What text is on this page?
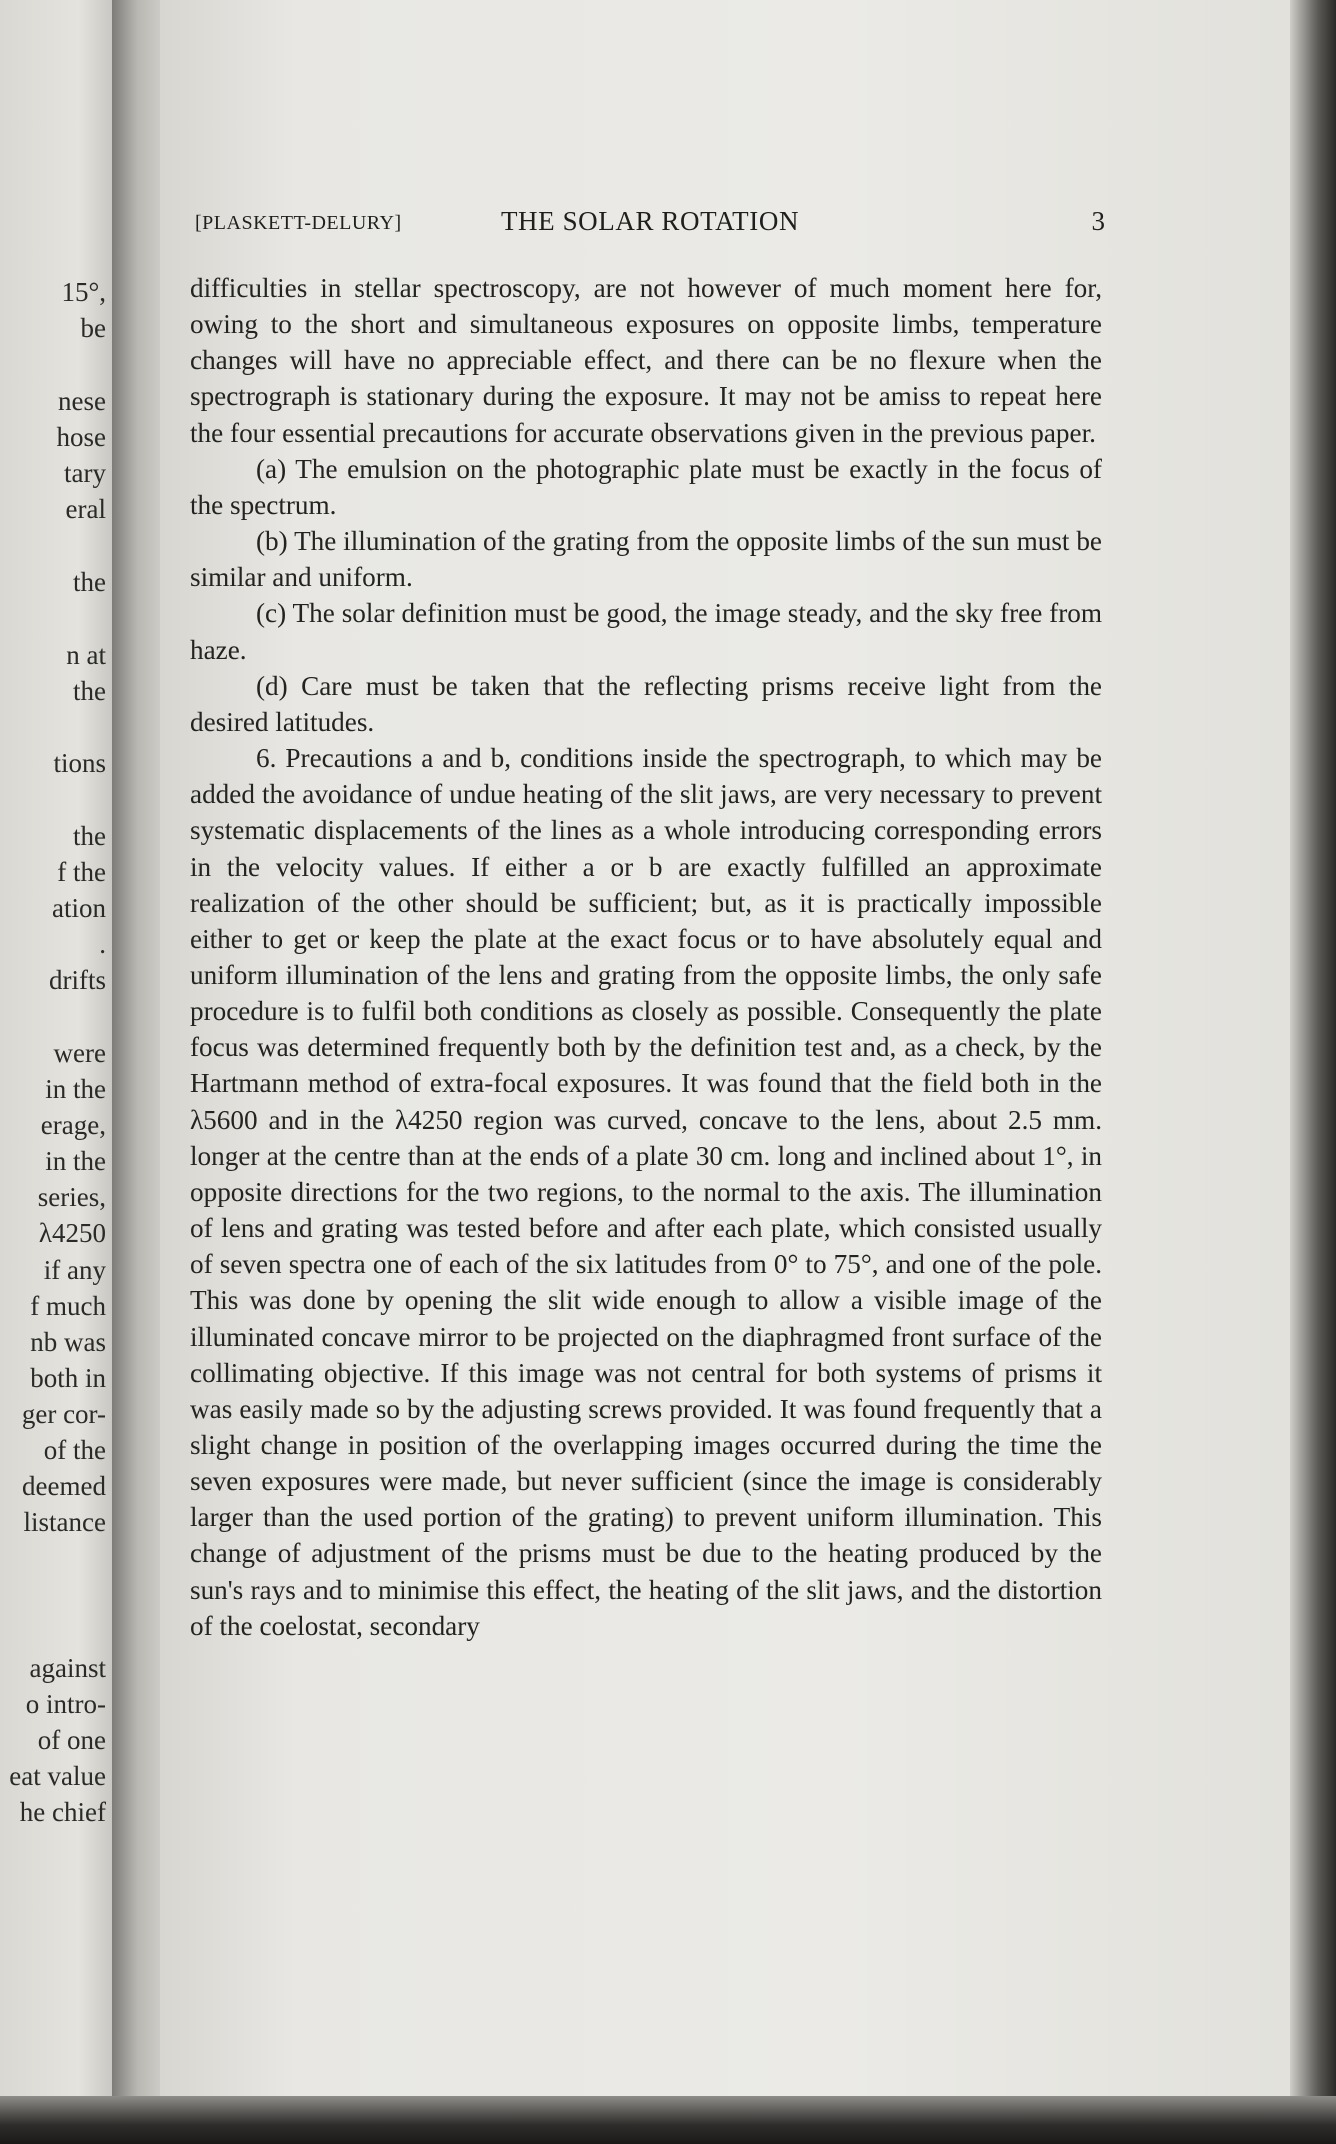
15°,
be
nese
hose
tary
eral
the
n at
the
tions
the
f the
ation
.
drifts
were
in the
erage,
in the
series,
λ4250
if any
f much
nb was
both in
ger cor-
of the
deemed
listance
against
o intro-
of one
eat value
he chief
[PLASKETT-DELURY]	THE SOLAR ROTATION	3

difficulties in stellar spectroscopy, are not however of much moment here for, owing to the short and simultaneous exposures on opposite limbs, temperature changes will have no appreciable effect, and there can be no flexure when the spectrograph is stationary during the exposure. It may not be amiss to repeat here the four essential precautions for accurate observations given in the previous paper.

(a) The emulsion on the photographic plate must be exactly in the focus of the spectrum.

(b) The illumination of the grating from the opposite limbs of the sun must be similar and uniform.

(c) The solar definition must be good, the image steady, and the sky free from haze.

(d) Care must be taken that the reflecting prisms receive light from the desired latitudes.

6. Precautions a and b, conditions inside the spectrograph, to which may be added the avoidance of undue heating of the slit jaws, are very necessary to prevent systematic displacements of the lines as a whole introducing corresponding errors in the velocity values. If either a or b are exactly fulfilled an approximate realization of the other should be sufficient; but, as it is practically impossible either to get or keep the plate at the exact focus or to have absolutely equal and uniform illumination of the lens and grating from the opposite limbs, the only safe procedure is to fulfil both conditions as closely as possible. Consequently the plate focus was determined frequently both by the definition test and, as a check, by the Hartmann method of extra-focal exposures. It was found that the field both in the λ5600 and in the λ4250 region was curved, concave to the lens, about 2.5 mm. longer at the centre than at the ends of a plate 30 cm. long and inclined about 1°, in opposite directions for the two regions, to the normal to the axis. The illumination of lens and grating was tested before and after each plate, which consisted usually of seven spectra one of each of the six latitudes from 0° to 75°, and one of the pole. This was done by opening the slit wide enough to allow a visible image of the illuminated concave mirror to be projected on the diaphragmed front surface of the collimating objective. If this image was not central for both systems of prisms it was easily made so by the adjusting screws provided. It was found frequently that a slight change in position of the overlapping images occurred during the time the seven exposures were made, but never sufficient (since the image is considerably larger than the used portion of the grating) to prevent uniform illumination. This change of adjustment of the prisms must be due to the heating produced by the sun's rays and to minimise this effect, the heating of the slit jaws, and the distortion of the coelostat, secondary
